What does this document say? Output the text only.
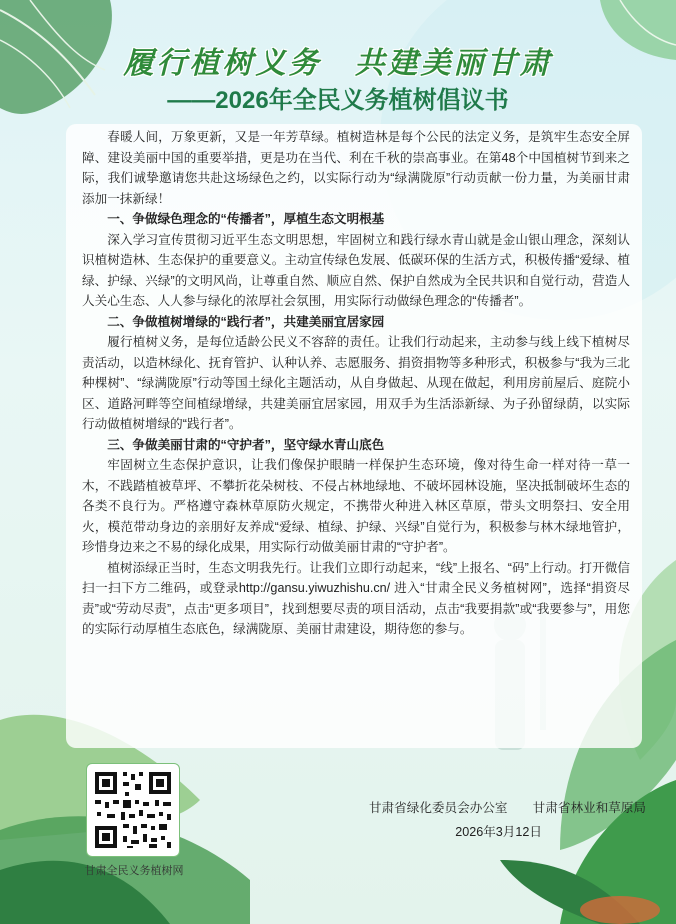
履行植树义务　共建美丽甘肃
——2026年全民义务植树倡议书

春暖人间，万象更新，又是一年芳草绿。植树造林是每个公民的法定义务，是筑牢生态安全屏障、建设美丽中国的重要举措，更是功在当代、利在千秋的崇高事业。在第48个中国植树节到来之际，我们诚挚邀请您共赴这场绿色之约，以实际行动为“绿满陇原”行动贡献一份力量，为美丽甘肃添加一抹新绿！

一、争做绿色理念的“传播者”，厚植生态文明根基

深入学习宣传贯彻习近平生态文明思想，牢固树立和践行绿水青山就是金山银山理念，深刻认识植树造林、生态保护的重要意义。主动宣传绿色发展、低碳环保的生活方式，积极传播“爱绿、植绿、护绿、兴绿”的文明风尚，让尊重自然、顺应自然、保护自然成为全民共识和自觉行动，营造人人关心生态、人人参与绿化的浓厚社会氛围，用实际行动做绿色理念的“传播者”。

二、争做植树增绿的“践行者”，共建美丽宜居家园

履行植树义务，是每位适龄公民义不容辞的责任。让我们行动起来，主动参与线上线下植树尽责活动，以造林绿化、抚育管护、认种认养、志愿服务、捐资捐物等多种形式，积极参与“我为三北种棵树”、“绿满陇原”行动等国土绿化主题活动，从自身做起、从现在做起，利用房前屋后、庭院小区、道路河畔等空间植绿增绿，共建美丽宜居家园，用双手为生活添新绿、为子孙留绿荫，以实际行动做植树增绿的“践行者”。

三、争做美丽甘肃的“守护者”，坚守绿水青山底色

牢固树立生态保护意识，让我们像保护眼睛一样保护生态环境，像对待生命一样对待一草一木，不践踏植被草坪、不攀折花朵树枝、不侵占林地绿地、不破坏园林设施，坚决抵制破坏生态的各类不良行为。严格遵守森林草原防火规定，不携带火种进入林区草原，带头文明祭扫、安全用火，模范带动身边的亲朋好友养成“爱绿、植绿、护绿、兴绿”自觉行为，积极参与林木绿地管护，珍惜身边来之不易的绿化成果，用实际行动做美丽甘肃的“守护者”。

植树添绿正当时，生态文明我先行。让我们立即行动起来，“线”上报名、“码”上行动。打开微信扫一扫下方二维码，或登录http://gansu.yiwuzhishu.cn/ 进入“甘肃全民义务植树网”，选择“捐资尽责”或“劳动尽责”，点击“更多项目”，找到想要尽责的项目活动，点击“我要捐款”或“我要参与”，用您的实际行动厚植生态底色，绿满陇原、美丽甘肃建设，期待您的参与。

甘肃全民义务植树网
甘肃省绿化委员会办公室　　甘肃省林业和草原局
2026年3月12日
